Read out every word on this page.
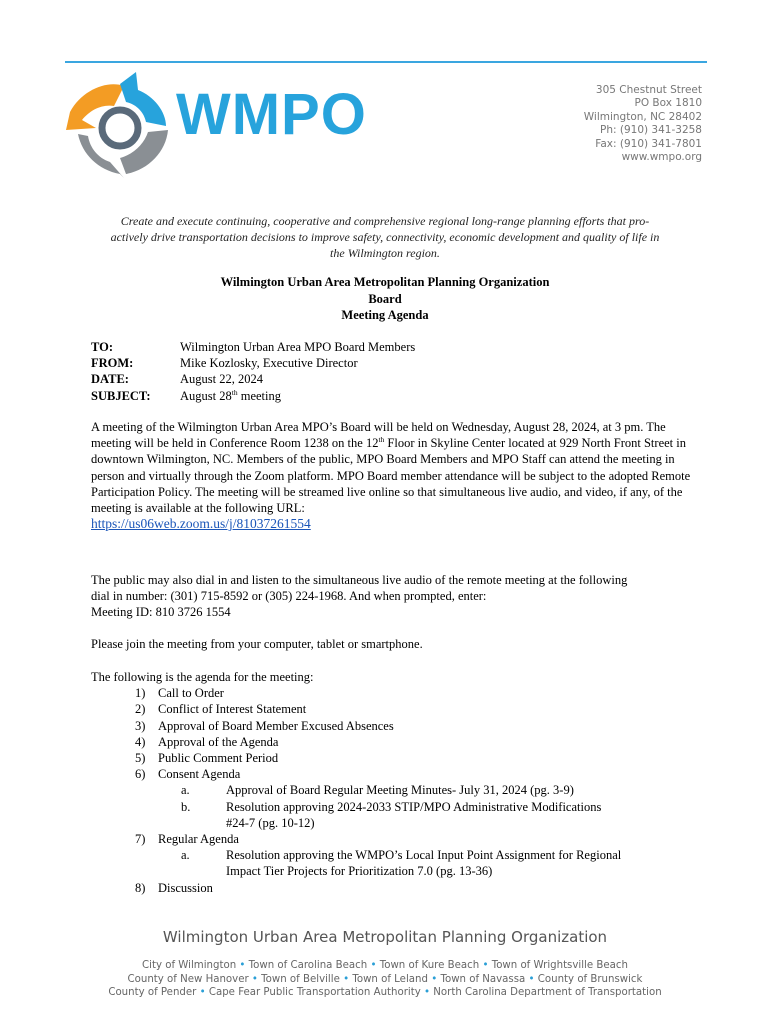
WMPO	305 Chestnut Street
PO Box 1810
Wilmington, NC 28402
Ph: (910) 341-3258
Fax: (910) 341-7801
www.wmpo.org
Create and execute continuing, cooperative and comprehensive regional long-range planning efforts that pro-
actively drive transportation decisions to improve safety, connectivity, economic development and quality of life in
the Wilmington region.
Wilmington Urban Area Metropolitan Planning Organization
Board
Meeting Agenda
TO:	Wilmington Urban Area MPO Board Members
FROM:	Mike Kozlosky, Executive Director
DATE:	August 22, 2024
SUBJECT:	August 28th meeting
A meeting of the Wilmington Urban Area MPO’s Board will be held on Wednesday, August 28, 2024, at 3 pm. The meeting will be held in Conference Room 1238 on the 12th Floor in Skyline Center located at 929 North Front Street in downtown Wilmington, NC. Members of the public, MPO Board Members and MPO Staff can attend the meeting in person and virtually through the Zoom platform. MPO Board member attendance will be subject to the adopted Remote Participation Policy. The meeting will be streamed live online so that simultaneous live audio, and video, if any, of the meeting is available at the following URL:
https://us06web.zoom.us/j/81037261554
The public may also dial in and listen to the simultaneous live audio of the remote meeting at the following
dial in number: (301) 715-8592 or (305) 224-1968. And when prompted, enter:
Meeting ID: 810 3726 1554
Please join the meeting from your computer, tablet or smartphone.
The following is the agenda for the meeting:
1) Call to Order
2) Conflict of Interest Statement
3) Approval of Board Member Excused Absences
4) Approval of the Agenda
5) Public Comment Period
6) Consent Agenda
a.	Approval of Board Regular Meeting Minutes- July 31, 2024 (pg. 3-9)
b.	Resolution approving 2024-2033 STIP/MPO Administrative Modifications
#24-7 (pg. 10-12)
7) Regular Agenda
a.	Resolution approving the WMPO’s Local Input Point Assignment for Regional
Impact Tier Projects for Prioritization 7.0 (pg. 13-36)
8) Discussion
Wilmington Urban Area Metropolitan Planning Organization
City of Wilmington • Town of Carolina Beach • Town of Kure Beach • Town of Wrightsville Beach
County of New Hanover • Town of Belville • Town of Leland • Town of Navassa • County of Brunswick
County of Pender • Cape Fear Public Transportation Authority • North Carolina Department of Transportation
